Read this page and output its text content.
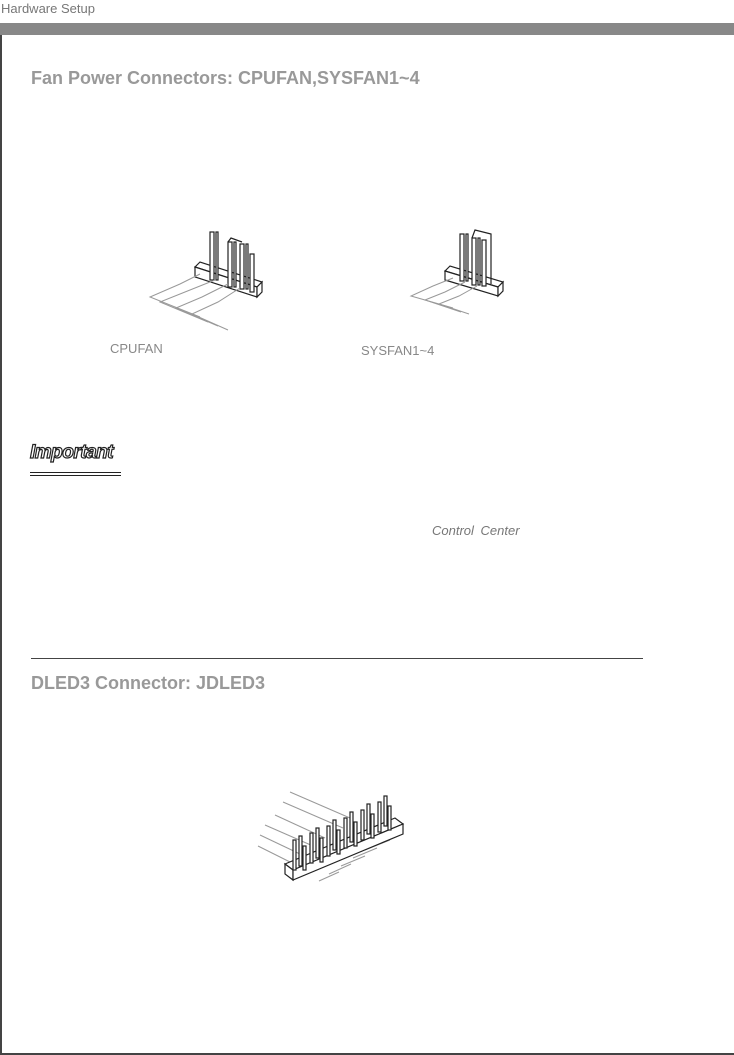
Hardware Setup
Fan Power Connectors: CPUFAN,SYSFAN1~4
CPUFAN	SYSFAN1~4
Important
Control Center
DLED3 Connector: JDLED3
